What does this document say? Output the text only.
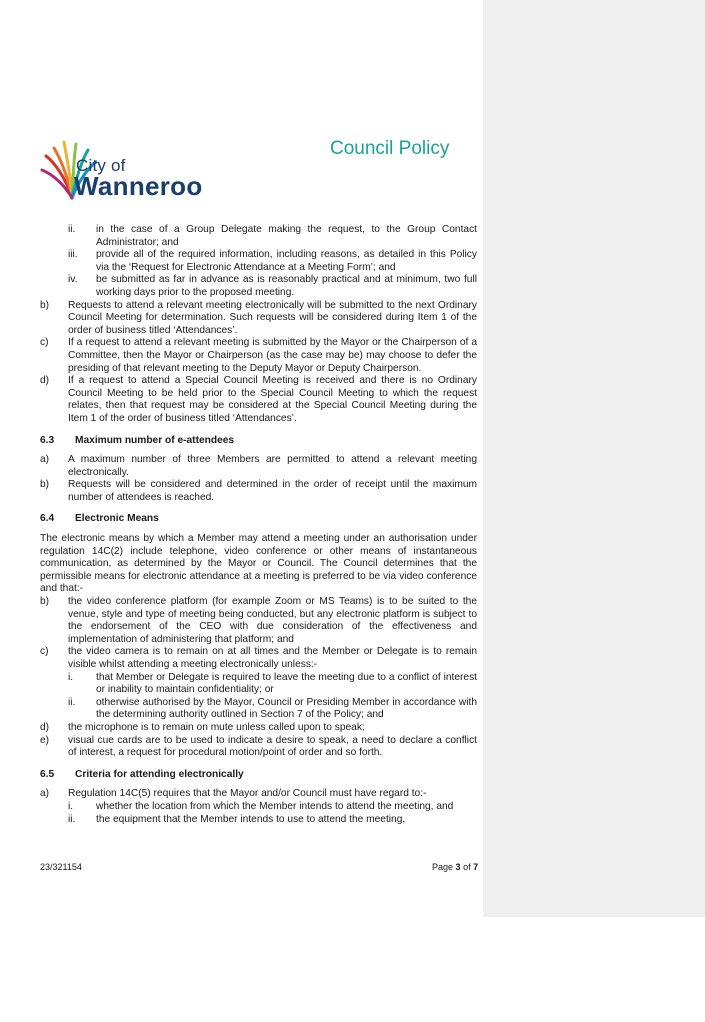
City of
Wanneroo
Council Policy
ii. in the case of a Group Delegate making the request, to the Group Contact Administrator; and
iii. provide all of the required information, including reasons, as detailed in this Policy via the ‘Request for Electronic Attendance at a Meeting Form’; and
iv. be submitted as far in advance as is reasonably practical and at minimum, two full working days prior to the proposed meeting.
b) Requests to attend a relevant meeting electronically will be submitted to the next Ordinary Council Meeting for determination. Such requests will be considered during Item 1 of the order of business titled ‘Attendances’.
c) If a request to attend a relevant meeting is submitted by the Mayor or the Chairperson of a Committee, then the Mayor or Chairperson (as the case may be) may choose to defer the presiding of that relevant meeting to the Deputy Mayor or Deputy Chairperson.
d) If a request to attend a Special Council Meeting is received and there is no Ordinary Council Meeting to be held prior to the Special Council Meeting to which the request relates, then that request may be considered at the Special Council Meeting during the Item 1 of the order of business titled ‘Attendances’.
6.3 Maximum number of e-attendees
a) A maximum number of three Members are permitted to attend a relevant meeting electronically.
b) Requests will be considered and determined in the order of receipt until the maximum number of attendees is reached.
6.4 Electronic Means

The electronic means by which a Member may attend a meeting under an authorisation under regulation 14C(2) include telephone, video conference or other means of instantaneous communication, as determined by the Mayor or Council. The Council determines that the permissible means for electronic attendance at a meeting is preferred to be via video conference and that:-

b) the video conference platform (for example Zoom or MS Teams) is to be suited to the venue, style and type of meeting being conducted, but any electronic platform is subject to the endorsement of the CEO with due consideration of the effectiveness and implementation of administering that platform; and
c) the video camera is to remain on at all times and the Member or Delegate is to remain visible whilst attending a meeting electronically unless:-
i. that Member or Delegate is required to leave the meeting due to a conflict of interest or inability to maintain confidentiality; or
ii. otherwise authorised by the Mayor, Council or Presiding Member in accordance with the determining authority outlined in Section 7 of the Policy; and
d) the microphone is to remain on mute unless called upon to speak;
e) visual cue cards are to be used to indicate a desire to speak, a need to declare a conflict of interest, a request for procedural motion/point of order and so forth.
6.5 Criteria for attending electronically
a) Regulation 14C(5) requires that the Mayor and/or Council must have regard to:-
i. whether the location from which the Member intends to attend the meeting, and
ii. the equipment that the Member intends to use to attend the meeting,
23/321154	Page 3 of 7
